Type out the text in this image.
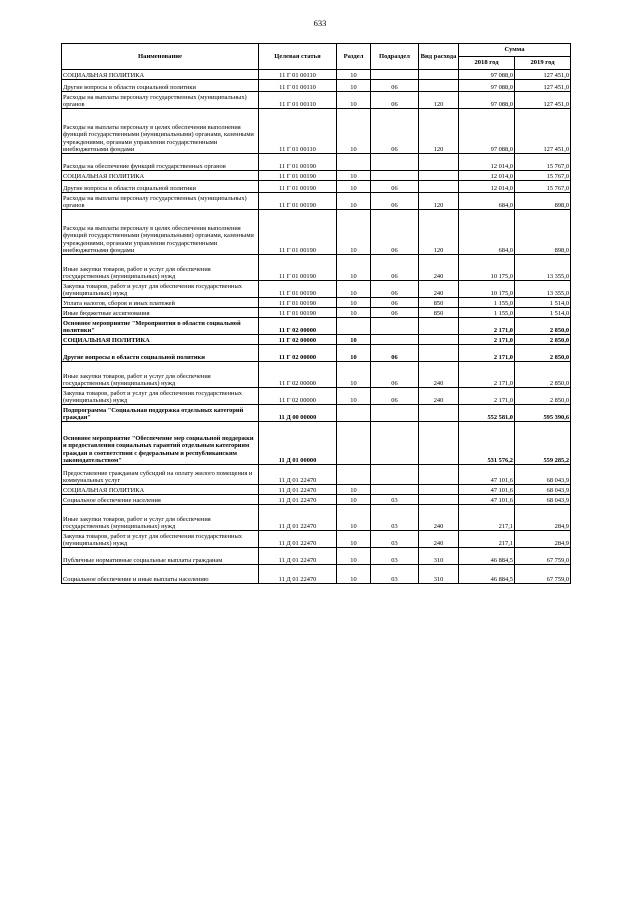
633
Наименование	Целевая статья	Раздел	Подраздел	Вид расхода	Сумма	
					2018 год	2019 год
СОЦИАЛЬНАЯ ПОЛИТИКА	11 Г 01 00110	10			97 088,0	127 451,0
Другие вопросы в области социальной политики	11 Г 01 00110	10	06		97 088,0	127 451,0
Расходы на выплаты персоналу государственных (муниципальных) органов	11 Г 01 00110	10	06	120	97 088,0	127 451,0
Расходы на выплаты персоналу в целях обеспечения выполнения функций государственными (муниципальными) органами, казенными учреждениями, органами управления государственными внебюджетными фондами	11 Г 01 00110	10	06	120	97 088,0	127 451,0
Расходы на обеспечение функций государственных органов	11 Г 01 00190				12 014,0	15 767,0
СОЦИАЛЬНАЯ ПОЛИТИКА	11 Г 01 00190	10			12 014,0	15 767,0
Другие вопросы в области социальной политики	11 Г 01 00190	10	06		12 014,0	15 767,0
Расходы на выплаты персоналу государственных (муниципальных) органов	11 Г 01 00190	10	06	120	684,0	898,0
Расходы на выплаты персоналу в целях обеспечения выполнения функций государственными (муниципальными) органами, казенными учреждениями, органами управления государственными внебюджетными фондами	11 Г 01 00190	10	06	120	684,0	898,0
Иные закупки товаров, работ и услуг для обеспечения государственных (муниципальных) нужд	11 Г 01 00190	10	06	240	10 175,0	13 355,0
Закупка товаров, работ и услуг для обеспечения государственных (муниципальных) нужд	11 Г 01 00190	10	06	240	10 175,0	13 355,0
Уплата налогов, сборов и иных платежей	11 Г 01 00190	10	06	850	1 155,0	1 514,0
Иные бюджетные ассигнования	11 Г 01 00190	10	06	850	1 155,0	1 514,0
Основное мероприятие "Мероприятия в области социальной политики"	11 Г 02 00000				2 171,0	2 850,0
СОЦИАЛЬНАЯ ПОЛИТИКА	11 Г 02 00000	10			2 171,0	2 850,0
Другие вопросы в области социальной политики	11 Г 02 00000	10	06		2 171,0	2 850,0
Иные закупки товаров, работ и услуг для обеспечения государственных (муниципальных) нужд	11 Г 02 00000	10	06	240	2 171,0	2 850,0
Закупка товаров, работ и услуг для обеспечения государственных (муниципальных) нужд	11 Г 02 00000	10	06	240	2 171,0	2 850,0
Подпрограмма "Социальная поддержка отдельных категорий граждан"	11 Д 00 00000				552 581,0	595 390,6
Основное мероприятие "Обеспечение мер социальной поддержки и предоставления социальных гарантий отдельным категориям граждан в соответствии с федеральным и республиканским законодательством"	11 Д 01 00000				531 576,2	559 285,2
Предоставление гражданам субсидий на оплату жилого помещения и коммунальных услуг	11 Д 01 22470				47 101,6	68 043,9
СОЦИАЛЬНАЯ ПОЛИТИКА	11 Д 01 22470	10			47 101,6	68 043,9
Социальное обеспечение населения	11 Д 01 22470	10	03		47 101,6	68 043,9
Иные закупки товаров, работ и услуг для обеспечения государственных (муниципальных) нужд	11 Д 01 22470	10	03	240	217,1	284,9
Закупка товаров, работ и услуг для обеспечения государственных (муниципальных) нужд	11 Д 01 22470	10	03	240	217,1	284,9
Публичные нормативные социальные выплаты гражданам	11 Д 01 22470	10	03	310	46 884,5	67 759,0
Социальное обеспечение и иные выплаты населению	11 Д 01 22470	10	03	310	46 884,5	67 759,0
